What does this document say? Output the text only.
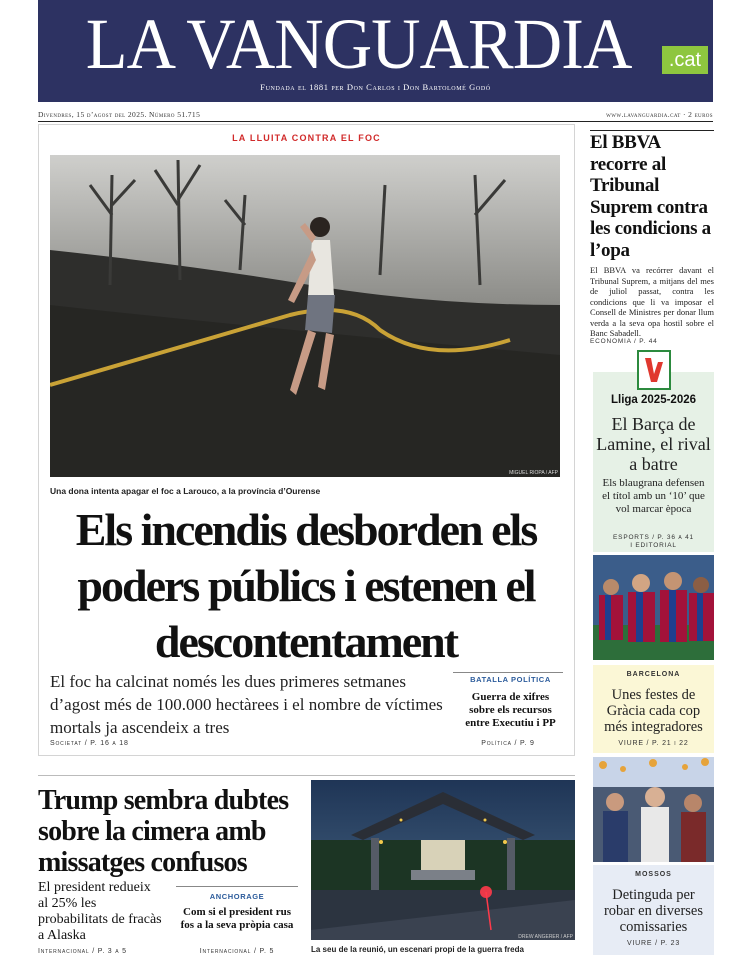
LA VANGUARDIA	.cat
Fundada el 1881 per Don Carlos i Don Bartolomé Godó
Divendres, 15 d’agost del 2025. Número 51.715	www.lavanguardia.cat · 2 euros
LA LLUITA CONTRA EL FOC
MIGUEL RIOPA / AFP
Una dona intenta apagar el foc a Larouco, a la província d’Ourense
Els incendis desborden els poders públics i estenen el descontentament

El foc ha calcinat només les dues primeres setmanes d’agost més de 100.000 hectàrees i el nombre de víctimes mortals ja ascendeix a tres

Societat / P. 16 a 18
BATALLA POLÍTICA
Guerra de xifres sobre els recursos entre Executiu i PP
Política / P. 9
El BBVA recorre al Tribunal Suprem contra les condicions a l’opa

El BBVA va recórrer davant el Tribunal Suprem, a mitjans del mes de juliol passat, contra les condicions que li va imposar el Consell de Ministres per donar llum verda a la seva opa hostil sobre el Banc Sabadell.

ECONOMIA / P. 44
Lliga 2025-2026
El Barça de Lamine, el rival a batre
Els blaugrana defensen el títol amb un ‘10’ que vol marcar època
ESPORTS / P. 36 a 41
I EDITORIAL
BARCELONA
Unes festes de Gràcia cada cop més integradores
VIURE / P. 21 i 22
MOSSOS
Detinguda per robar en diverses comissaries
VIURE / P. 23
Trump sembra dubtes sobre la cimera amb missatges confusos

El president redueix al 25% les probabilitats de fracàs a Alaska

Internacional / P. 3 a 5
ANCHORAGE
Com si el president rus fos a la seva pròpia casa
Internacional / P. 5
DREW ANGERER / AFP
La seu de la reunió, un escenari propi de la guerra freda
